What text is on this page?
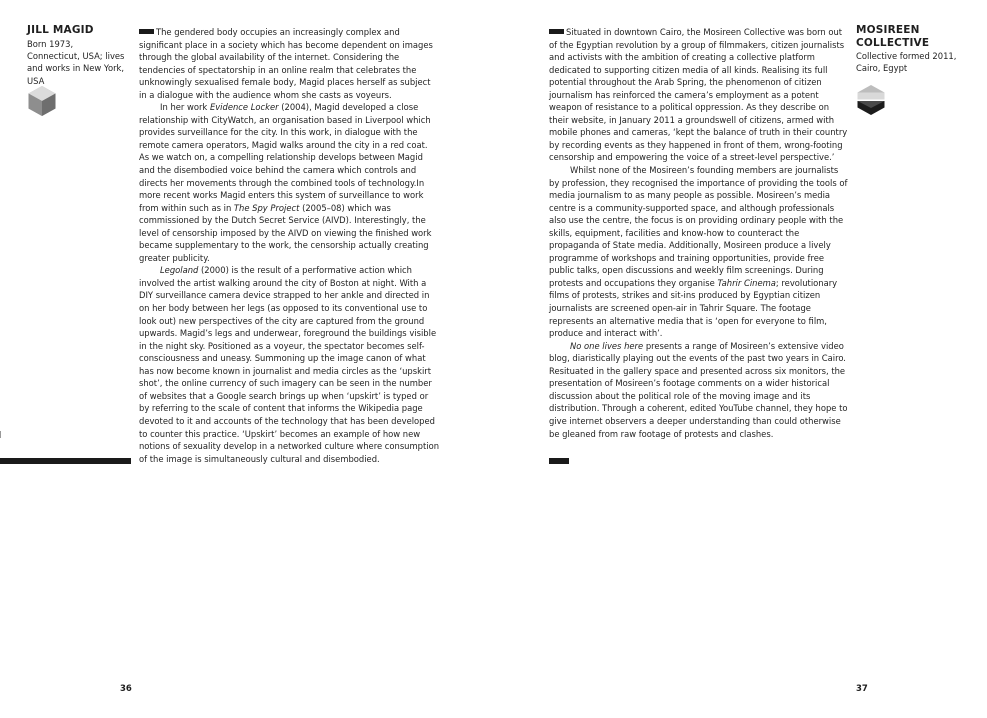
JILL MAGID

Born 1973, Connecticut, USA; lives and works in New York, USA

The gendered body occupies an increasingly complex and significant place in a society which has become dependent on images through the global availability of the internet. Considering the tendencies of spectatorship in an online realm that celebrates the unknowingly sexualised female body, Magid places herself as subject in a dialogue with the audience whom she casts as voyeurs.

In her work Evidence Locker (2004), Magid developed a close relationship with CityWatch, an organisation based in Liverpool which provides surveillance for the city. In this work, in dialogue with the remote camera operators, Magid walks around the city in a red coat. As we watch on, a compelling relationship develops between Magid and the disembodied voice behind the camera which controls and directs her movements through the combined tools of technology.In more recent works Magid enters this system of surveillance to work from within such as in The Spy Project (2005–08) which was commissioned by the Dutch Secret Service (AIVD). Interestingly, the level of censorship imposed by the AIVD on viewing the finished work became supplementary to the work, the censorship actually creating greater publicity.

Legoland (2000) is the result of a performative action which involved the artist walking around the city of Boston at night. With a DIY surveillance camera device strapped to her ankle and directed in on her body between her legs (as opposed to its conventional use to look out) new perspectives of the city are captured from the ground upwards. Magid’s legs and underwear, foreground the buildings visible in the night sky. Positioned as a voyeur, the spectator becomes self-consciousness and uneasy. Summoning up the image canon of what has now become known in journalist and media circles as the ‘upskirt shot’, the online currency of such imagery can be seen in the number of websites that a Google search brings up when ‘upskirt’ is typed or by referring to the scale of content that informs the Wikipedia page devoted to it and accounts of the technology that has been developed to counter this practice. ‘Upskirt’ becomes an example of how new notions of sexuality develop in a networked culture where consumption of the image is simultaneously cultural and disembodied.

36

Situated in downtown Cairo, the Mosireen Collective was born out of the Egyptian revolution by a group of filmmakers, citizen journalists and activists with the ambition of creating a collective platform dedicated to supporting citizen media of all kinds. Realising its full potential throughout the Arab Spring, the phenomenon of citizen journalism has reinforced the camera’s employment as a potent weapon of resistance to a political oppression. As they describe on their website, in January 2011 a groundswell of citizens, armed with mobile phones and cameras, ‘kept the balance of truth in their country by recording events as they happened in front of them, wrong-footing censorship and empowering the voice of a street-level perspective.’

Whilst none of the Mosireen’s founding members are journalists by profession, they recognised the importance of providing the tools of media journalism to as many people as possible. Mosireen’s media centre is a community-supported space, and although professionals also use the centre, the focus is on providing ordinary people with the skills, equipment, facilities and know-how to counteract the propaganda of State media. Additionally, Mosireen produce a lively programme of workshops and training opportunities, provide free public talks, open discussions and weekly film screenings. During protests and occupations they organise Tahrir Cinema; revolutionary films of protests, strikes and sit-ins produced by Egyptian citizen journalists are screened open-air in Tahrir Square. The footage represents an alternative media that is ‘open for everyone to film, produce and interact with’.

No one lives here presents a range of Mosireen’s extensive video blog, diaristically playing out the events of the past two years in Cairo. Resituated in the gallery space and presented across six monitors, the presentation of Mosireen’s footage comments on a wider historical discussion about the political role of the moving image and its distribution. Through a coherent, edited YouTube channel, they hope to give internet observers a deeper understanding than could otherwise be gleaned from raw footage of protests and clashes.

MOSIREEN
COLLECTIVE

Collective formed 2011, Cairo, Egypt

37
